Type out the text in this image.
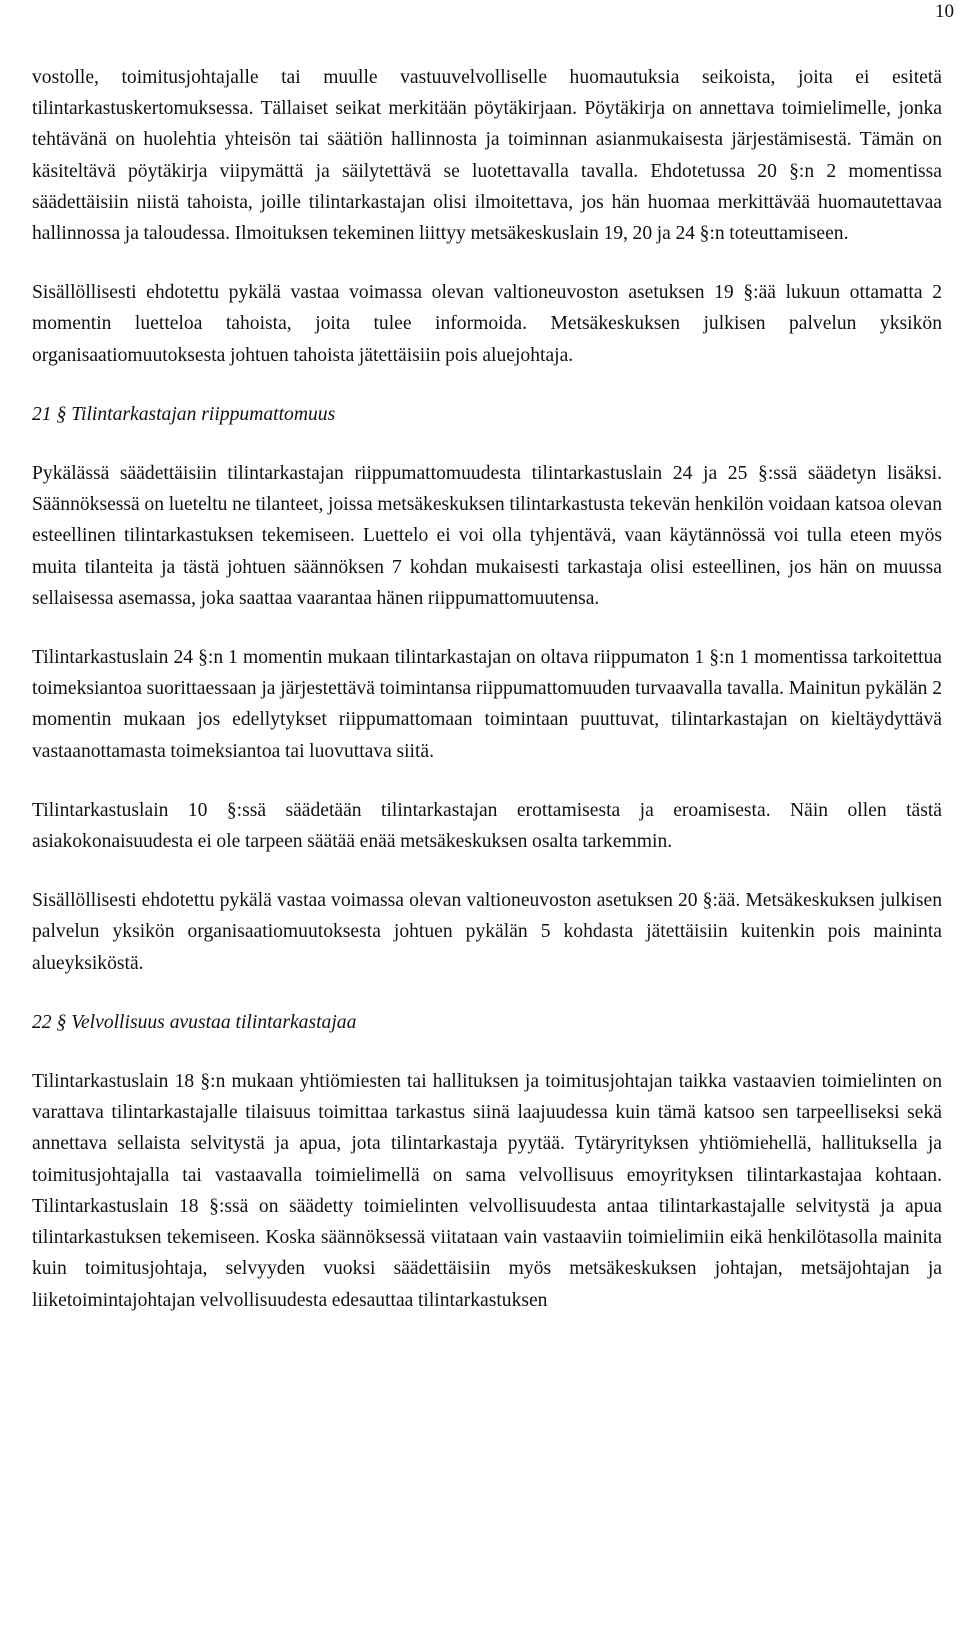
10

vostolle, toimitusjohtajalle tai muulle vastuuvelvolliselle huomautuksia seikoista, joita ei esitetä tilintarkastuskertomuksessa. Tällaiset seikat merkitään pöytäkirjaan. Pöytäkirja on annettava toimielimelle, jonka tehtävänä on huolehtia yhteisön tai säätiön hallinnosta ja toiminnan asianmukaisesta järjestämisestä. Tämän on käsiteltävä pöytäkirja viipymättä ja säilytettävä se luotettavalla tavalla. Ehdotetussa 20 §:n 2 momentissa säädettäisiin niistä tahoista, joille tilintarkastajan olisi ilmoitettava, jos hän huomaa merkittävää huomautettavaa hallinnossa ja taloudessa. Ilmoituksen tekeminen liittyy metsäkeskuslain 19, 20 ja 24 §:n toteuttamiseen.

Sisällöllisesti ehdotettu pykälä vastaa voimassa olevan valtioneuvoston asetuksen 19 §:ää lukuun ottamatta 2 momentin luetteloa tahoista, joita tulee informoida. Metsäkeskuksen julkisen palvelun yksikön organisaatiomuutoksesta johtuen tahoista jätettäisiin pois aluejohtaja.

21 § Tilintarkastajan riippumattomuus

Pykälässä säädettäisiin tilintarkastajan riippumattomuudesta tilintarkastuslain 24 ja 25 §:ssä säädetyn lisäksi. Säännöksessä on lueteltu ne tilanteet, joissa metsäkeskuksen tilintarkastusta tekevän henkilön voidaan katsoa olevan esteellinen tilintarkastuksen tekemiseen. Luettelo ei voi olla tyhjentävä, vaan käytännössä voi tulla eteen myös muita tilanteita ja tästä johtuen säännöksen 7 kohdan mukaisesti tarkastaja olisi esteellinen, jos hän on muussa sellaisessa asemassa, joka saattaa vaarantaa hänen riippumattomuutensa.

Tilintarkastuslain 24 §:n 1 momentin mukaan tilintarkastajan on oltava riippumaton 1 §:n 1 momentissa tarkoitettua toimeksiantoa suorittaessaan ja järjestettävä toimintansa riippumattomuuden turvaavalla tavalla. Mainitun pykälän 2 momentin mukaan jos edellytykset riippumattomaan toimintaan puuttuvat, tilintarkastajan on kieltäydyttävä vastaanottamasta toimeksiantoa tai luovuttava siitä.

Tilintarkastuslain 10 §:ssä säädetään tilintarkastajan erottamisesta ja eroamisesta. Näin ollen tästä asiakokonaisuudesta ei ole tarpeen säätää enää metsäkeskuksen osalta tarkemmin.

Sisällöllisesti ehdotettu pykälä vastaa voimassa olevan valtioneuvoston asetuksen 20 §:ää. Metsäkeskuksen julkisen palvelun yksikön organisaatiomuutoksesta johtuen pykälän 5 kohdasta jätettäisiin kuitenkin pois maininta alueyksiköstä.

22 § Velvollisuus avustaa tilintarkastajaa

Tilintarkastuslain 18 §:n mukaan yhtiömiesten tai hallituksen ja toimitusjohtajan taikka vastaavien toimielinten on varattava tilintarkastajalle tilaisuus toimittaa tarkastus siinä laajuudessa kuin tämä katsoo sen tarpeelliseksi sekä annettava sellaista selvitystä ja apua, jota tilintarkastaja pyytää. Tytäryrityksen yhtiömiehellä, hallituksella ja toimitusjohtajalla tai vastaavalla toimielimellä on sama velvollisuus emoyrityksen tilintarkastajaa kohtaan. Tilintarkastuslain 18 §:ssä on säädetty toimielinten velvollisuudesta antaa tilintarkastajalle selvitystä ja apua tilintarkastuksen tekemiseen. Koska säännöksessä viitataan vain vastaaviin toimielimiin eikä henkilötasolla mainita kuin toimitusjohtaja, selvyyden vuoksi säädettäisiin myös metsäkeskuksen johtajan, metsäjohtajan ja liiketoimintajohtajan velvollisuudesta edesauttaa tilintarkastuksen
